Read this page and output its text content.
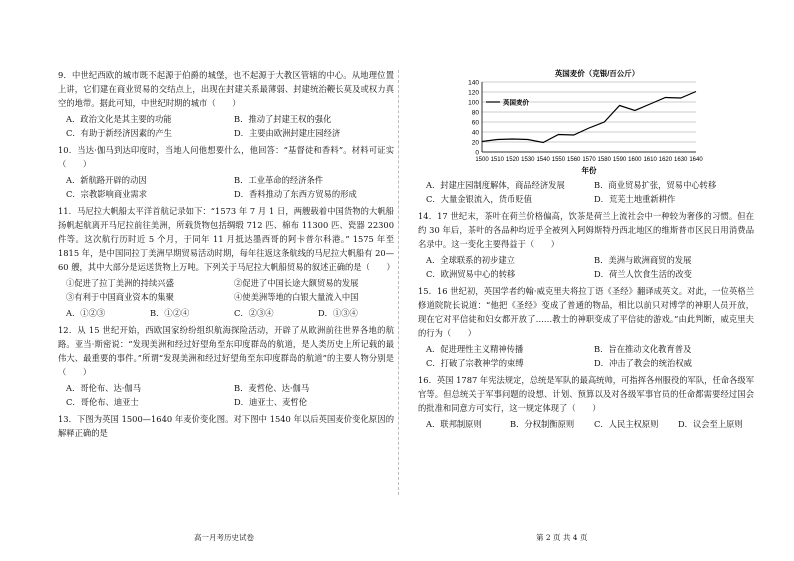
9．中世纪西欧的城市既不起源于伯爵的城堡，也不起源于大教区管辖的中心。从地理位置上讲，它们建在商业贸易的交结点上，出现在封建关系最薄弱、封建统治鞭长莫及或权力真空的地带。据此可知，中世纪时期的城市（　　）

A．政治文化是其主要的功能	B．推动了封建王权的强化
C．有助于新经济因素的产生	D．主要由欧洲封建庄园经济

10．当达·伽马到达印度时，当地人问他想要什么，他回答：“基督徒和香料”。材料可证实（　　）

A．新航路开辟的动因	B．工业革命的经济条件
C．宗教影响商业需求	D．香料推动了东西方贸易的形成

11．马尼拉大帆船太平洋首航记录如下：“1573 年 7 月 1 日，两艘载着中国货物的大帆船扬帆起航离开马尼拉前往美洲，所载货物包括绸缎 712 匹、棉布 11300 匹、瓷器 22300 件等。这次航行历时近 5 个月，于同年 11 月抵达墨西哥的阿卡普尔科港。” 1575 年至 1815 年，是中国同拉丁美洲早期贸易活动时期，每年往返这条航线的马尼拉大帆船有 20—60 艘，其中大部分是运送货物上万吨。下列关于马尼拉大帆船贸易的叙述正确的是（　　）

①促进了拉丁美洲的持续兴盛	②促进了中国长途大额贸易的发展
③有利于中国商业资本的集聚	④使美洲等地的白银大量流入中国
A．①②③	B．①②④	C．②③④	D．①③④

12．从 15 世纪开始，西欧国家纷纷组织航海探险活动，开辟了从欧洲前往世界各地的航路。亚当·斯密说：“发现美洲和经过好望角至东印度群岛的航道，是人类历史上所记载的最伟大、最重要的事件。”所谓“发现美洲和经过好望角至东印度群岛的航道”的主要人物分别是（　　）

A．哥伦布、达·伽马	B．麦哲伦、达·伽马
C．哥伦布、迪亚士	D．迪亚士、麦哲伦

13．下图为英国 1500—1640 年麦价变化图。对下图中 1540 年以后英国麦价变化原因的解释正确的是

英国麦价（克银/百公斤）
0
20
40
60
80
100
120
140
1500 1510 1520 1530 1540 1550 1560 1570 1580 1590 1600 1610 1620 1630 1640
年份
英国麦价
A．封建庄园制度解体，商品经济发展	B．商业贸易扩张，贸易中心转移
C．大量金银流入，货币贬值	D．荒芜土地重新耕作

14．17 世纪末，茶叶在荷兰价格偏高，饮茶是荷兰上流社会中一种较为奢侈的习惯。但在约 30 年后，茶叶的各品种均近乎全被列入阿姆斯特丹西北地区的维斯普市区民日用消费品名录中。这一变化主要得益于（　　）

A．全球联系的初步建立	B．美洲与欧洲商贸的发展
C．欧洲贸易中心的转移	D．荷兰人饮食生活的改变

15．16 世纪初，英国学者约翰·威克里夫将拉丁语《圣经》翻译成英文。对此，一位英格兰修道院院长说道：“他把《圣经》变成了普通的物品，相比以前只对博学的神职人员开放，现在它对平信徒和妇女都开放了……教士的神职变成了平信徒的游戏。”由此判断，威克里夫的行为（　　）

A．促进理性主义精神传播	B．旨在推动文化教育普及
C．打破了宗教神学的束缚	D．冲击了教会的统治权威

16．英国 1787 年宪法规定，总统是军队的最高统帅，可指挥各州服役的军队，任命各级军官等。但总统关于军事问题的设想、计划、预算以及对各级军事官员的任命都需要经过国会的批准和同意方可实行，这一规定体现了（　　）

A．联邦制原则	B．分权制衡原则	C．人民主权原则	D．议会至上原则
高一月考历史试卷	第 2 页 共 4 页
